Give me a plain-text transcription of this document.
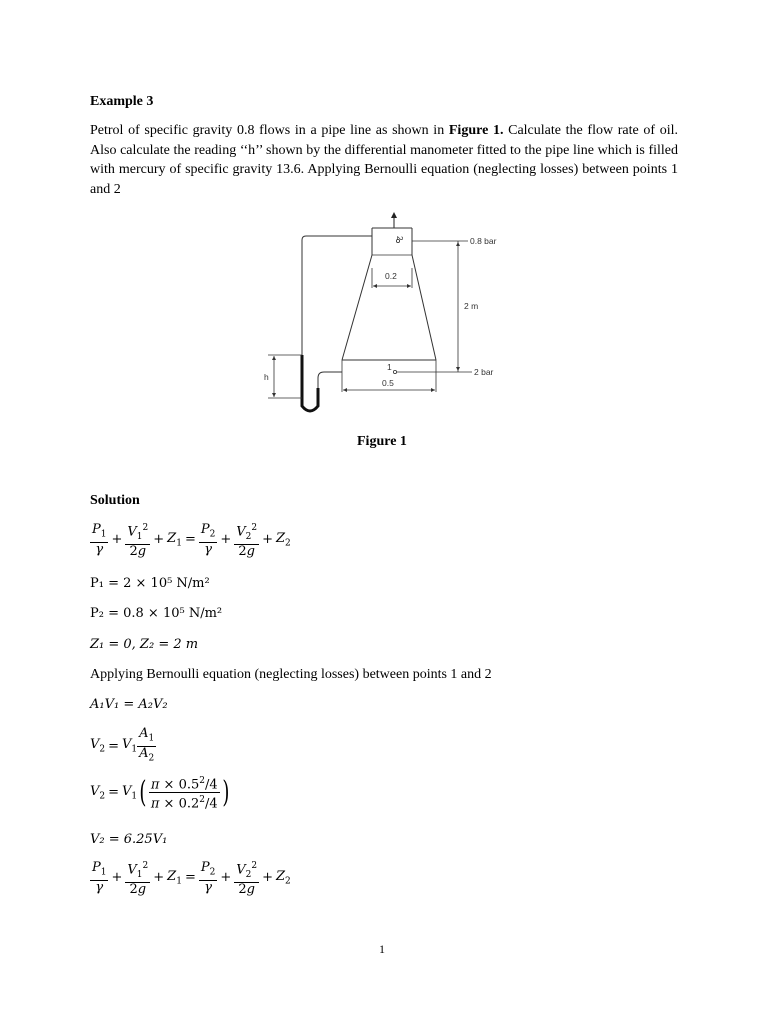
Example 3
Petrol of specific gravity 0.8 flows in a pipe line as shown in Figure 1. Calculate the flow rate of oil. Also calculate the reading ‘‘h’’ shown by the differential manometer fitted to the pipe line which is filled with mercury of specific gravity 13.6. Applying Bernoulli equation (neglecting losses) between points 1 and 2
2	0.8 bar
0.2
1	2 bar
0.5
2 m
h
Figure 1
Solution
$\frac{P_1}{\gamma} + \frac{V_1^2}{2g} + Z_1 = \frac{P_2}{\gamma} + \frac{V_2^2}{2g} + Z_2$
P₁ = 2 × 10⁵ N/m²
P₂ = 0.8 × 10⁵ N/m²
Z₁ = 0, Z₂ = 2 m
Applying Bernoulli equation (neglecting losses) between points 1 and 2
A₁V₁ = A₂V₂
$V_2 = V_1 \frac{A_1}{A_2}$
$V_2 = V_1$ ( $\frac{\pi \times 0.5^2/4}{\pi \times 0.2^2/4}$ )
V₂ = 6.25V₁
$\frac{P_1}{\gamma} + \frac{V_1^2}{2g} + Z_1 = \frac{P_2}{\gamma} + \frac{V_2^2}{2g} + Z_2$
1
